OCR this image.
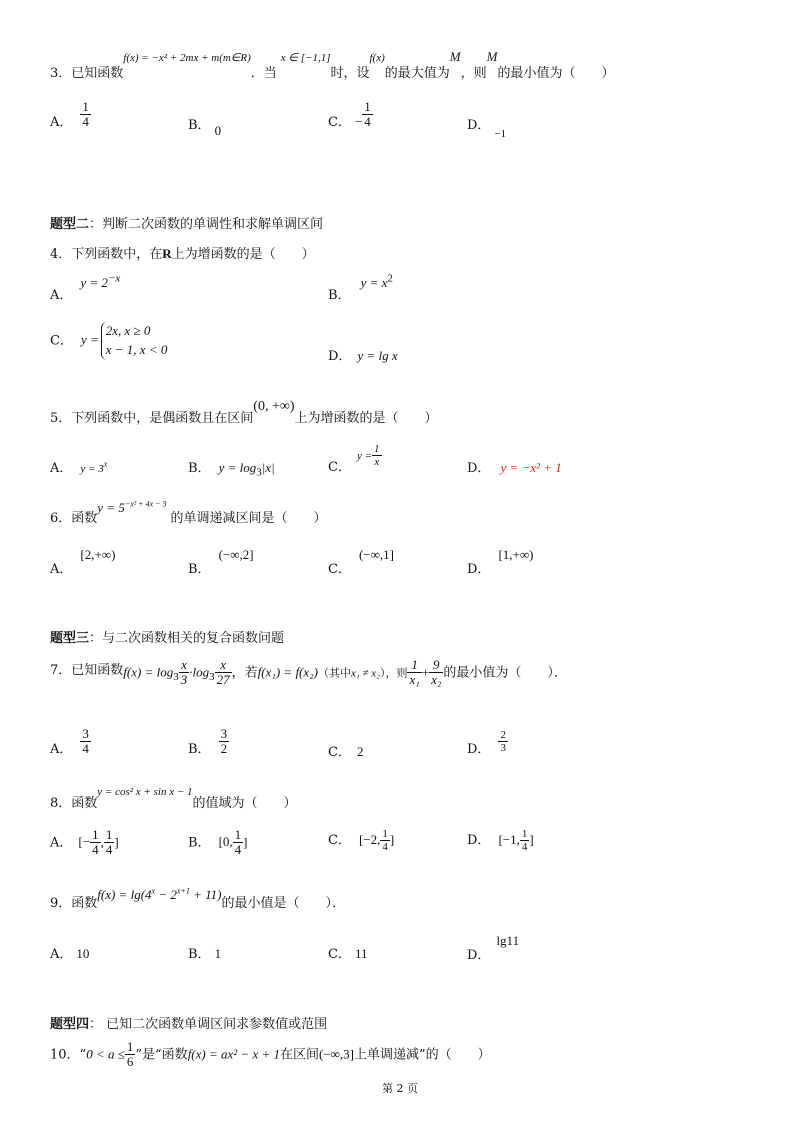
3．已知函数$^{f(x) = -x^2 + 2mx + m(m\in R)}$．当$^{x \in [-1,1]}$时，设$^{f(x)}$的最大值为M，则M的最小值为（　　）
A． $\frac{1}{4}$	B． 0
C． − $\frac{1}{4}$	D．$_{-1}$
题型二：判断二次函数的单调性和求解单调区间
4．下列函数中，在R上为增函数的是（　　）
A．$y = 2^{-x}$
B．$y = x^2$
C． y =
2x, x ≥ 0
x − 1, x < 0	D． y = lg x
5．下列函数中，是偶函数且在区间(0, +∞)上为增函数的是（　　）
A． $y = 3^x$	B． $y = \log_3|x|$	C．$y = \frac{1}{x}$
D． y = −x² + 1
6．函数$y = 5^{-x^2 + 4x - 3}$的单调递减区间是（　　）
A．[2,+∞)
B．(−∞,2]
C．(−∞,1]
D．[1,+∞)
题型三：与二次函数相关的复合函数问题
7．已知函数$f(x) = \log_3 \frac{x}{3} \cdot\log_3 \frac{x}{27}$ ，若f(x₁) = f(x₂)（其中x₁ ≠ x₂），则 $\frac{1}{\text{x₁}} + \frac{9}{\text{x₂}}$ 的最小值为（　　）．
A． $\frac{3}{4}$	B． $\frac{3}{2}$	C． 2	D． $\frac{2}{3}$
8．函数y = cos² x + sin x − 1的值域为（　　）
A． [− $\frac{1}{4}$ , $\frac{1}{4}$ ]	B． [0, $\frac{1}{4}$ ]	C． [−2, $\frac{1}{4}$ ]	D． [−1, $\frac{1}{4}$ ]
9．函数$f(x) = \lg(4^x - 2^{x+1} + 11)$的最小值是（　　）．
A． 10	B． 1	C． 11	D．lg11
题型四： 已知二次函数单调区间求参数值或范围
10．“$0 < a \le \frac{1}{6}$ ”是“函数f(x) = ax² − x + 1在区间(−∞,3]上单调递减”的（　　）
第 2 页
